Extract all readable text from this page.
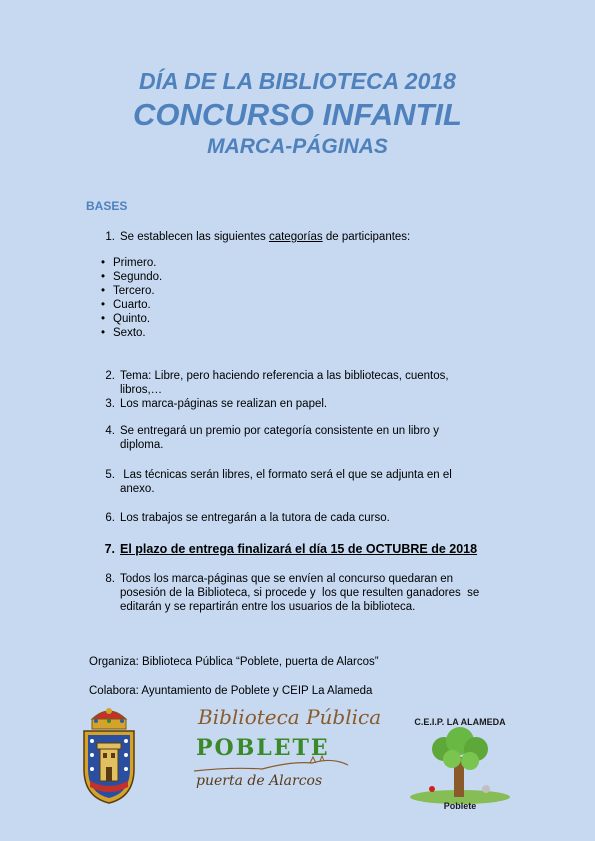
DÍA DE LA BIBLIOTECA 2018
CONCURSO INFANTIL
MARCA-PÁGINAS
BASES
1. Se establecen las siguientes categorías de participantes:
• Primero.
• Segundo.
• Tercero.
• Cuarto.
• Quinto.
• Sexto.
2. Tema: Libre, pero haciendo referencia a las bibliotecas, cuentos,
libros,…
3. Los marca-páginas se realizan en papel.
4. Se entregará un premio por categoría consistente en un libro y
diploma.
5. Las técnicas serán libres, el formato será el que se adjunta en el
anexo.
6. Los trabajos se entregarán a la tutora de cada curso.
7. El plazo de entrega finalizará el día 15 de OCTUBRE de 2018
8. Todos los marca-páginas que se envíen al concurso quedaran en
posesión de la Biblioteca, si procede y  los que resulten ganadores  se
editarán y se repartirán entre los usuarios de la biblioteca.
Organiza: Biblioteca Pública “Poblete, puerta de Alarcos”
Colabora: Ayuntamiento de Poblete y CEIP La Alameda
Biblioteca Pública
POBLETE
puerta de Alarcos
C.E.I.P. LA ALAMEDA
Poblete
